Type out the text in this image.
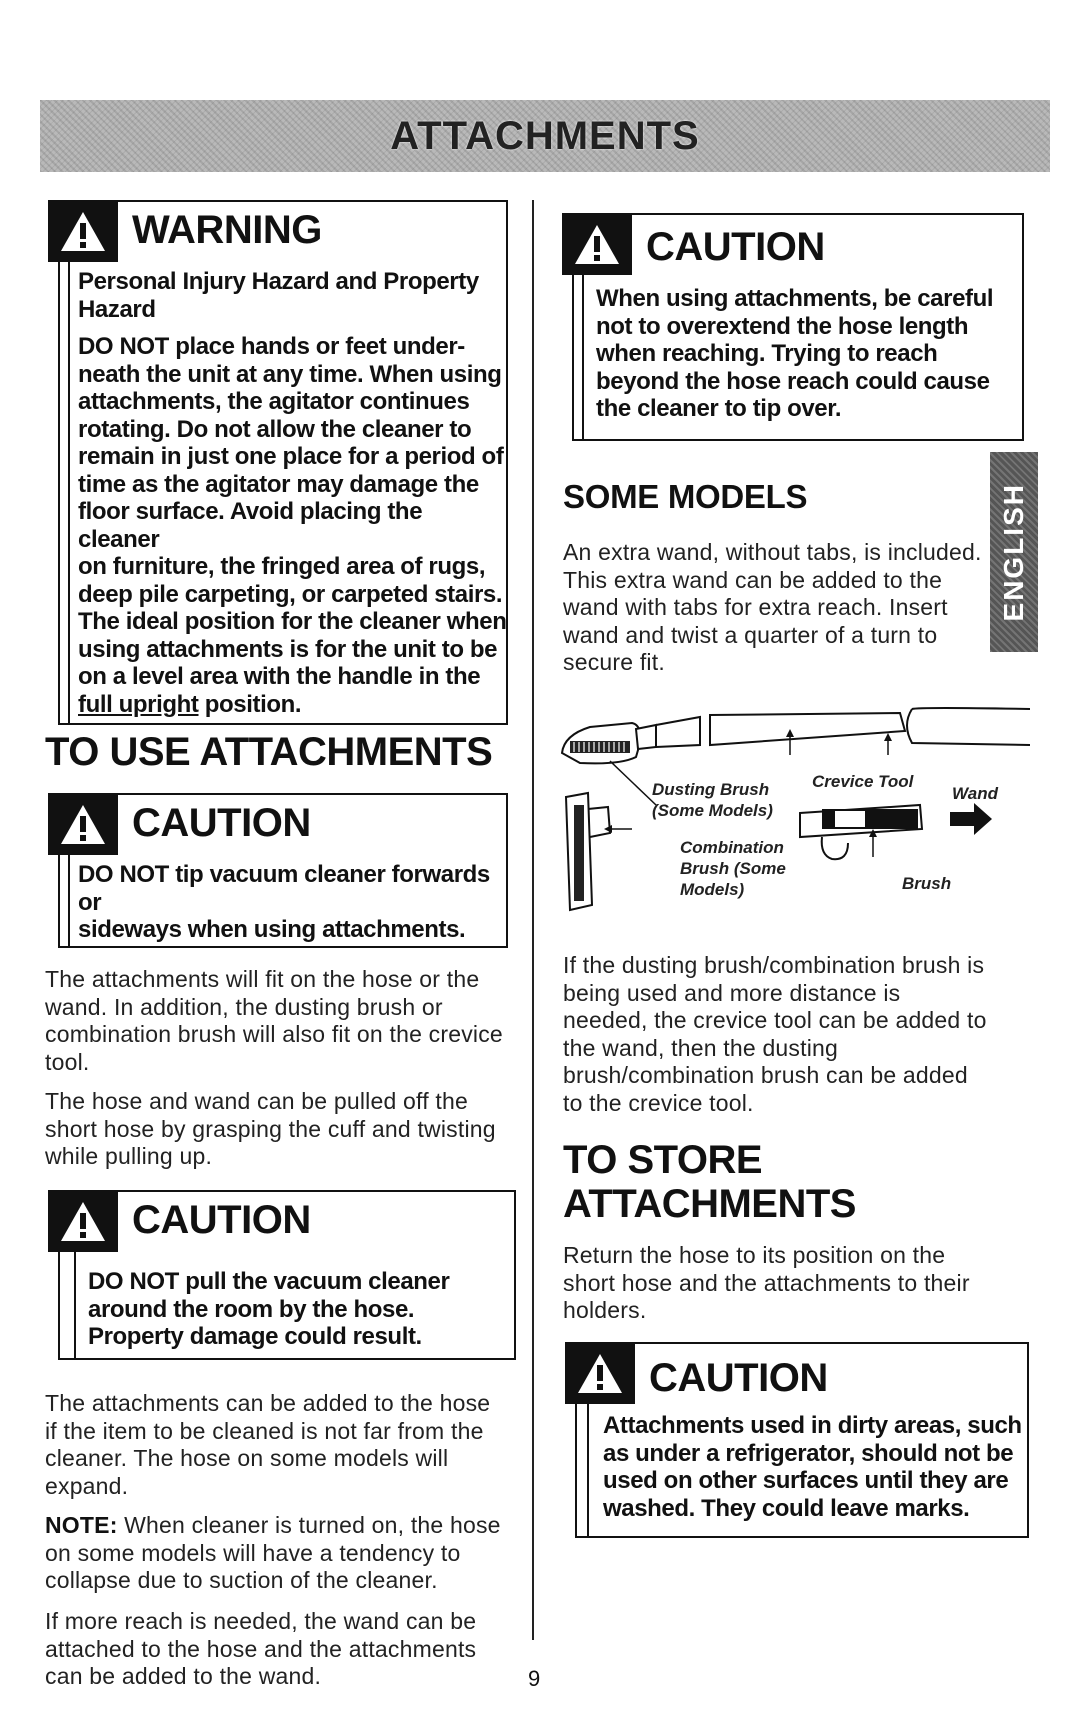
ATTACHMENTS
ENGLISH
WARNING
Personal Injury Hazard and Property
Hazard
DO NOT place hands or feet under-
neath the unit at any time. When using
attachments, the agitator continues
rotating. Do not allow the cleaner to
remain in just one place for a period of
time as the agitator may damage the
floor surface. Avoid placing the cleaner
on furniture, the fringed area of rugs,
deep pile carpeting, or carpeted stairs.
The ideal position for the cleaner when
using attachments is for the unit to be
on a level area with the handle in the
full upright position.
TO USE ATTACHMENTS
CAUTION
DO NOT tip vacuum cleaner forwards or
sideways when using attachments.
The attachments will fit on the hose or the
wand. In addition, the dusting brush or
combination brush will also fit on the crevice
tool.
The hose and wand can be pulled off the
short hose by grasping the cuff and twisting
while pulling up.
CAUTION
DO NOT pull the vacuum cleaner
around the room by the hose.
Property damage could result.
The attachments can be added to the hose
if the item to be cleaned is not far from the
cleaner. The hose on some models will
expand.
NOTE: When cleaner is turned on, the hose
on some models will have a tendency to
collapse due to suction of the cleaner.
If more reach is needed, the wand can be
attached to the hose and the attachments
can be added to the wand.
CAUTION
When using attachments, be careful
not to overextend the hose length
when reaching. Trying to reach
beyond the hose reach could cause
the cleaner to tip over.
SOME MODELS
An extra wand, without tabs, is included.
This extra wand can be added to the
wand with tabs for extra reach. Insert
wand and twist a quarter of a turn to
secure fit.
Dusting Brush
(Some Models)
Crevice Tool
Wand
Combination
Brush (Some
Models)	Brush
If the dusting brush/combination brush is
being used and more distance is
needed, the crevice tool can be added to
the wand, then the dusting
brush/combination brush can be added
to the crevice tool.
TO STORE
ATTACHMENTS
Return the hose to its position on the
short hose and the attachments to their
holders.
CAUTION
Attachments used in dirty areas, such
as under a refrigerator, should not be
used on other surfaces until they are
washed. They could leave marks.
9
